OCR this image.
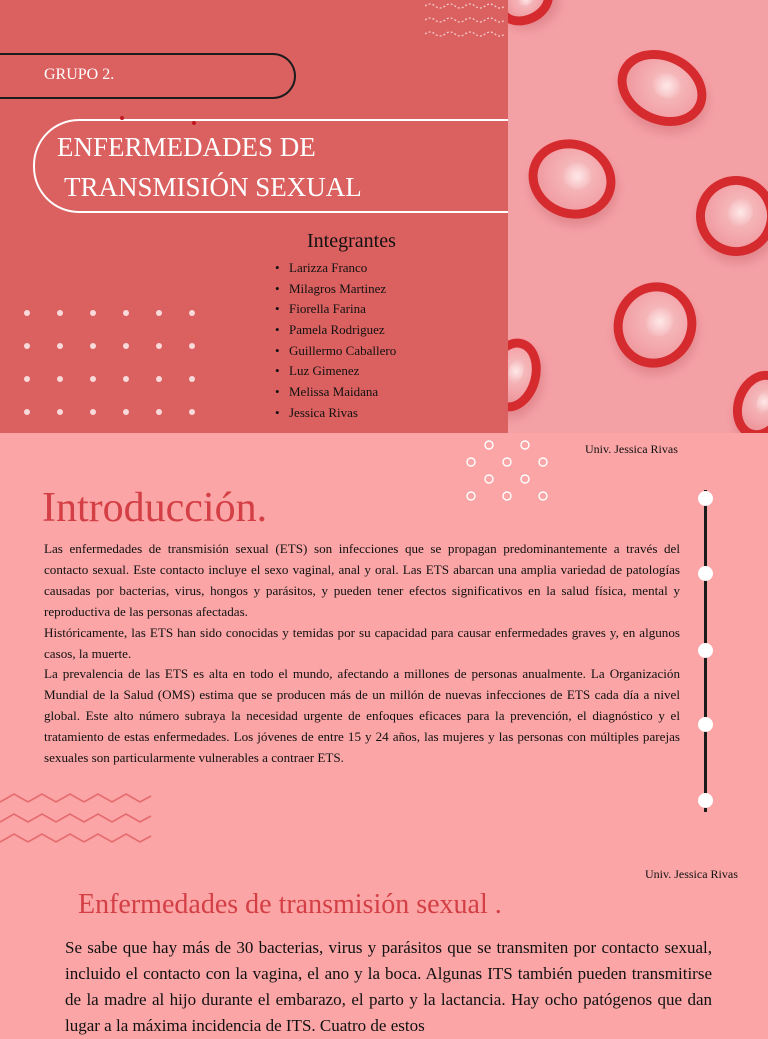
GRUPO 2.
ENFERMEDADES DE
TRANSMISIÓN SEXUAL
Integrantes
• Larizza Franco
• Milagros Martinez
• Fiorella Farina
• Pamela Rodriguez
• Guillermo Caballero
• Luz Gimenez
• Melissa Maidana
• Jessica Rivas
Univ. Jessica Rivas
Introducción.

Las enfermedades de transmisión sexual (ETS) son infecciones que se propagan predominantemente a través del contacto sexual. Este contacto incluye el sexo vaginal, anal y oral. Las ETS abarcan una amplia variedad de patologías causadas por bacterias, virus, hongos y parásitos, y pueden tener efectos significativos en la salud física, mental y reproductiva de las personas afectadas.

Históricamente, las ETS han sido conocidas y temidas por su capacidad para causar enfermedades graves y, en algunos casos, la muerte.

La prevalencia de las ETS es alta en todo el mundo, afectando a millones de personas anualmente. La Organización Mundial de la Salud (OMS) estima que se producen más de un millón de nuevas infecciones de ETS cada día a nivel global. Este alto número subraya la necesidad urgente de enfoques eficaces para la prevención, el diagnóstico y el tratamiento de estas enfermedades. Los jóvenes de entre 15 y 24 años, las mujeres y las personas con múltiples parejas sexuales son particularmente vulnerables a contraer ETS.

Univ. Jessica Rivas
Enfermedades de transmisión sexual .

Se sabe que hay más de 30 bacterias, virus y parásitos que se transmiten por contacto sexual, incluido el contacto con la vagina, el ano y la boca. Algunas ITS también pueden transmitirse de la madre al hijo durante el embarazo, el parto y la lactancia. Hay ocho patógenos que dan lugar a la máxima incidencia de ITS. Cuatro de estos
